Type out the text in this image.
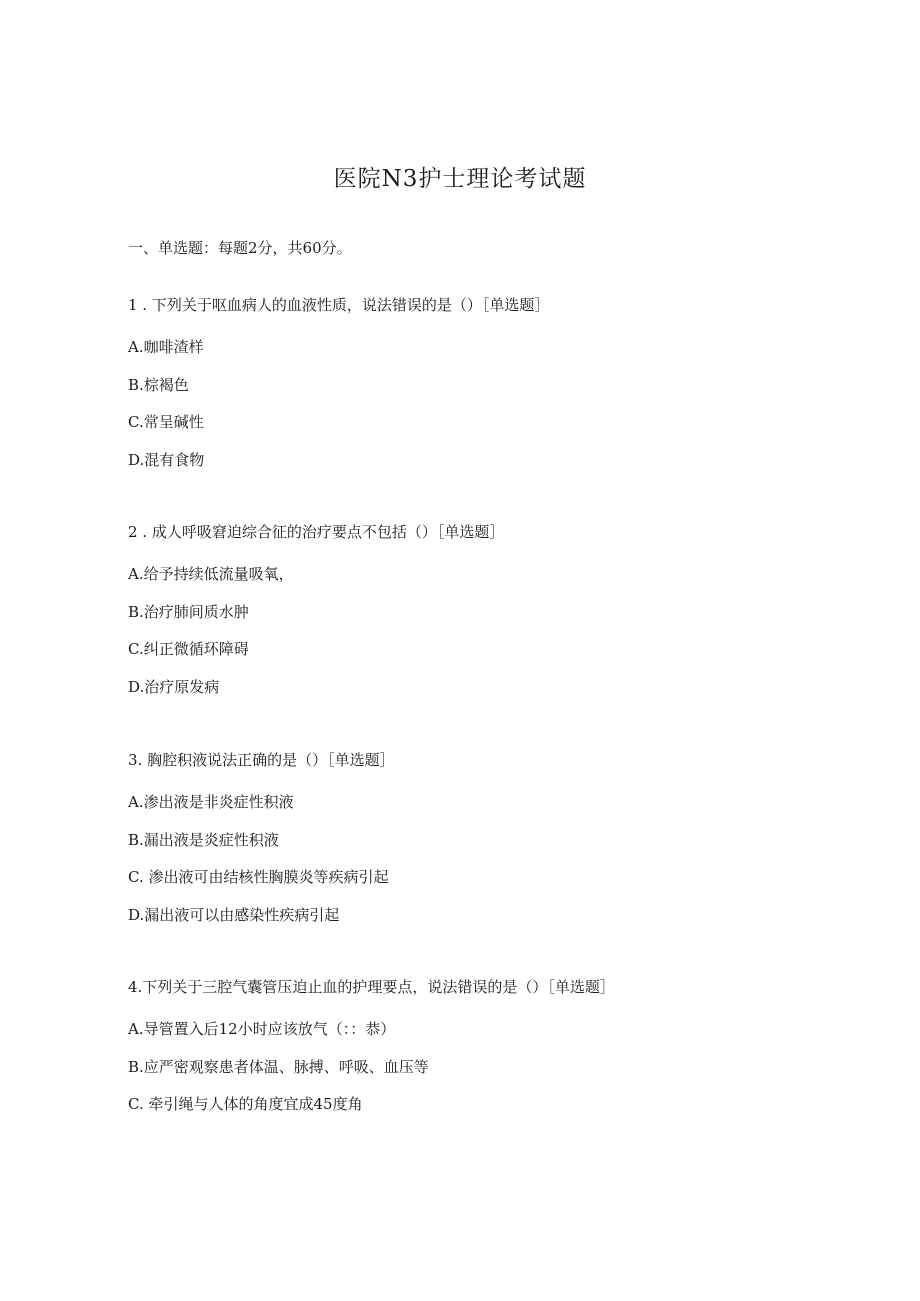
医院N3护士理论考试题
一、单选题：每题2分，共60分。

1 . 下列关于呕血病人的血液性质，说法错误的是（）［单选题］

A.咖啡渣样

B.棕褐色

C.常呈碱性

D.混有食物

2 . 成人呼吸窘迫综合征的治疗要点不包括（）［单选题］

A.给予持续低流量吸氧，

B.治疗肺间质水肿

C.纠正微循环障碍

D.治疗原发病

3. 胸腔积液说法正确的是（）［单选题］

A.渗出液是非炎症性积液

B.漏出液是炎症性积液

C. 渗出液可由结核性胸膜炎等疾病引起

D.漏出液可以由感染性疾病引起

4.下列关于三腔气囊管压迫止血的护理要点，说法错误的是（）［单选题］

A.导管置入后12小时应该放气（：：恭）

B.应严密观察患者体温、脉搏、呼吸、血压等

C. 牵引绳与人体的角度宜成45度角
